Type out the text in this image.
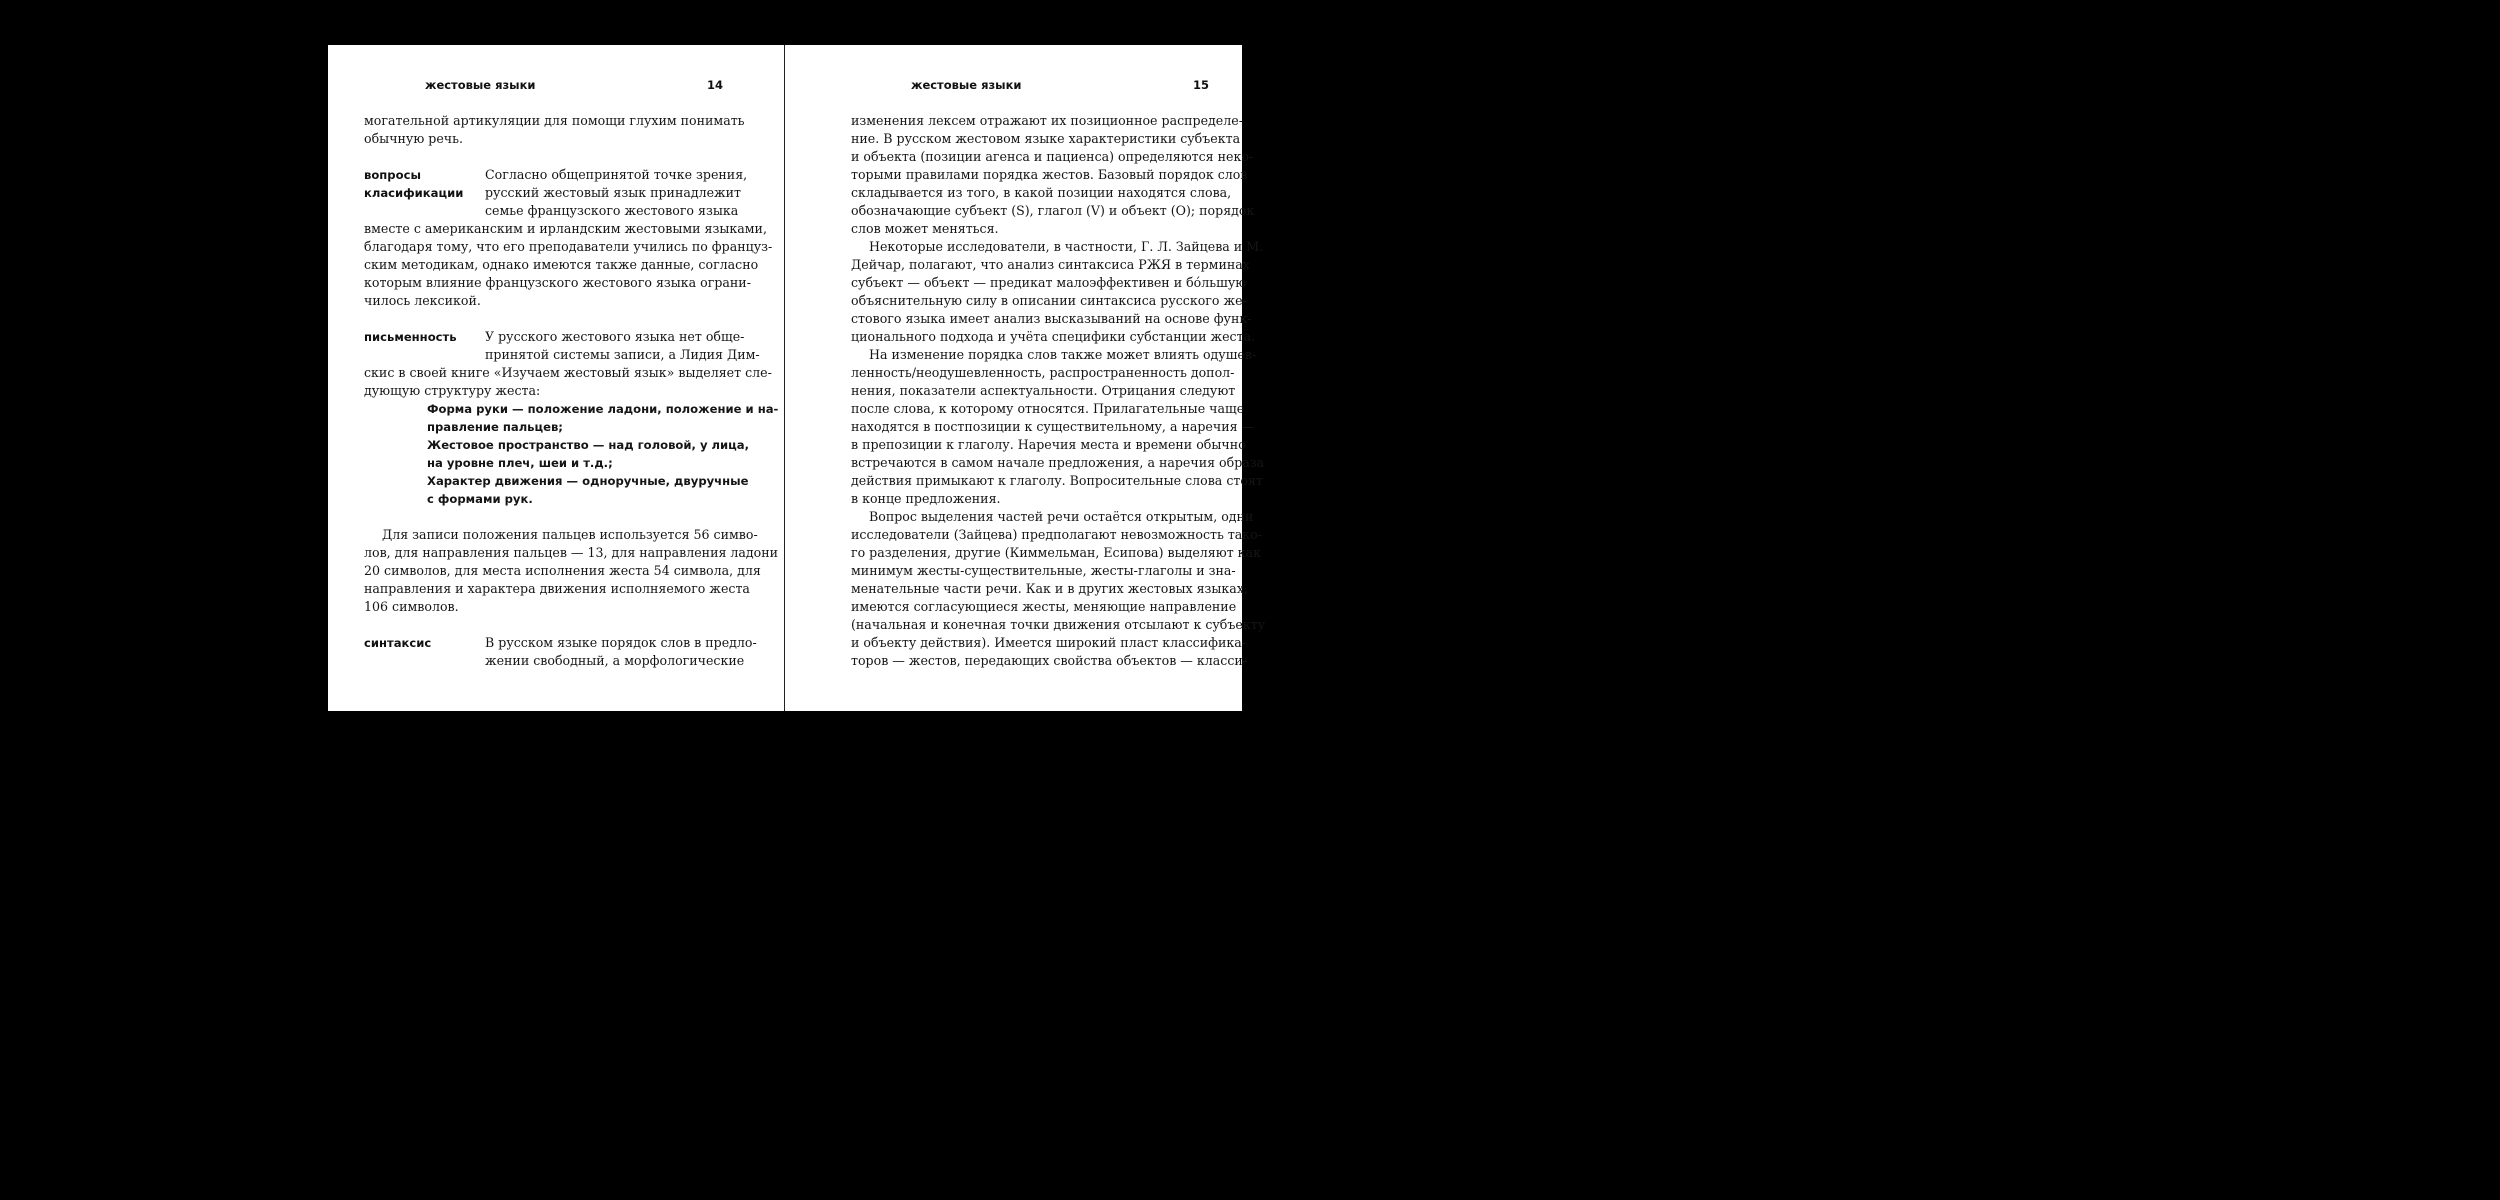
жестовые языки	14
могательной артикуляции для помощи глухим понимать
обычную речь.
вопросы
класификации
Согласно общепринятой точке зрения,
русский жестовый язык принадлежит
семье французского жестового языка
вместе с американским и ирландским жестовыми языками,
благодаря тому, что его преподаватели учились по француз-
ским методикам, однако имеются также данные, согласно
которым влияние французского жестового языка ограни-
чилось лексикой.
письменность У русского жестового языка нет обще-
принятой системы записи, а Лидия Дим-
скис в своей книге «Изучаем жестовый язык» выделяет сле-
дующую структуру жеста:
Форма руки — положение ладони, положение и на-
правление пальцев;
Жестовое пространство — над головой, у лица,
на уровне плеч, шеи и т.д.;
Характер движения — одноручные, двуручные
с формами рук.
Для записи положения пальцев используется 56 симво-
лов, для направления пальцев — 13, для направления ладони
20 символов, для места исполнения жеста 54 символа, для
направления и характера движения исполняемого жеста
106 символов.
синтаксис	В русском языке порядок слов в предло-
жении свободный, а морфологические
жестовые языки	15
изменения лексем отражают их позиционное распределе-
ние. В русском жестовом языке характеристики субъекта
и объекта (позиции агенса и пациенса) определяются неко-
торыми правилами порядка жестов. Базовый порядок слов
складывается из того, в какой позиции находятся слова,
обозначающие субъект (S), глагол (V) и объект (O); порядок
слов может меняться.
Некоторые исследователи, в частности, Г. Л. Зайцева и М.
Дейчар, полагают, что анализ синтаксиса РЖЯ в терминах
субъект — объект — предикат малоэффективен и бо́льшую
объяснительную силу в описании синтаксиса русского же-
стового языка имеет анализ высказываний на основе функ-
ционального подхода и учёта специфики субстанции жеста.
На изменение порядка слов также может влиять одушев-
ленность/неодушевленность, распространенность допол-
нения, показатели аспектуальности. Отрицания следуют
после слова, к которому относятся. Прилагательные чаще
находятся в постпозиции к существительному, а наречия —
в препозиции к глаголу. Наречия места и времени обычно
встречаются в самом начале предложения, а наречия образа
действия примыкают к глаголу. Вопросительные слова стоят
в конце предложения.
Вопрос выделения частей речи остаётся открытым, одни
исследователи (Зайцева) предполагают невозможность тако-
го разделения, другие (Киммельман, Есипова) выделяют как
минимум жесты-существительные, жесты-глаголы и зна-
менательные части речи. Как и в других жестовых языках,
имеются согласующиеся жесты, меняющие направление
(начальная и конечная точки движения отсылают к субъекту
и объекту действия). Имеется широкий пласт классифика-
торов — жестов, передающих свойства объектов — класси-
